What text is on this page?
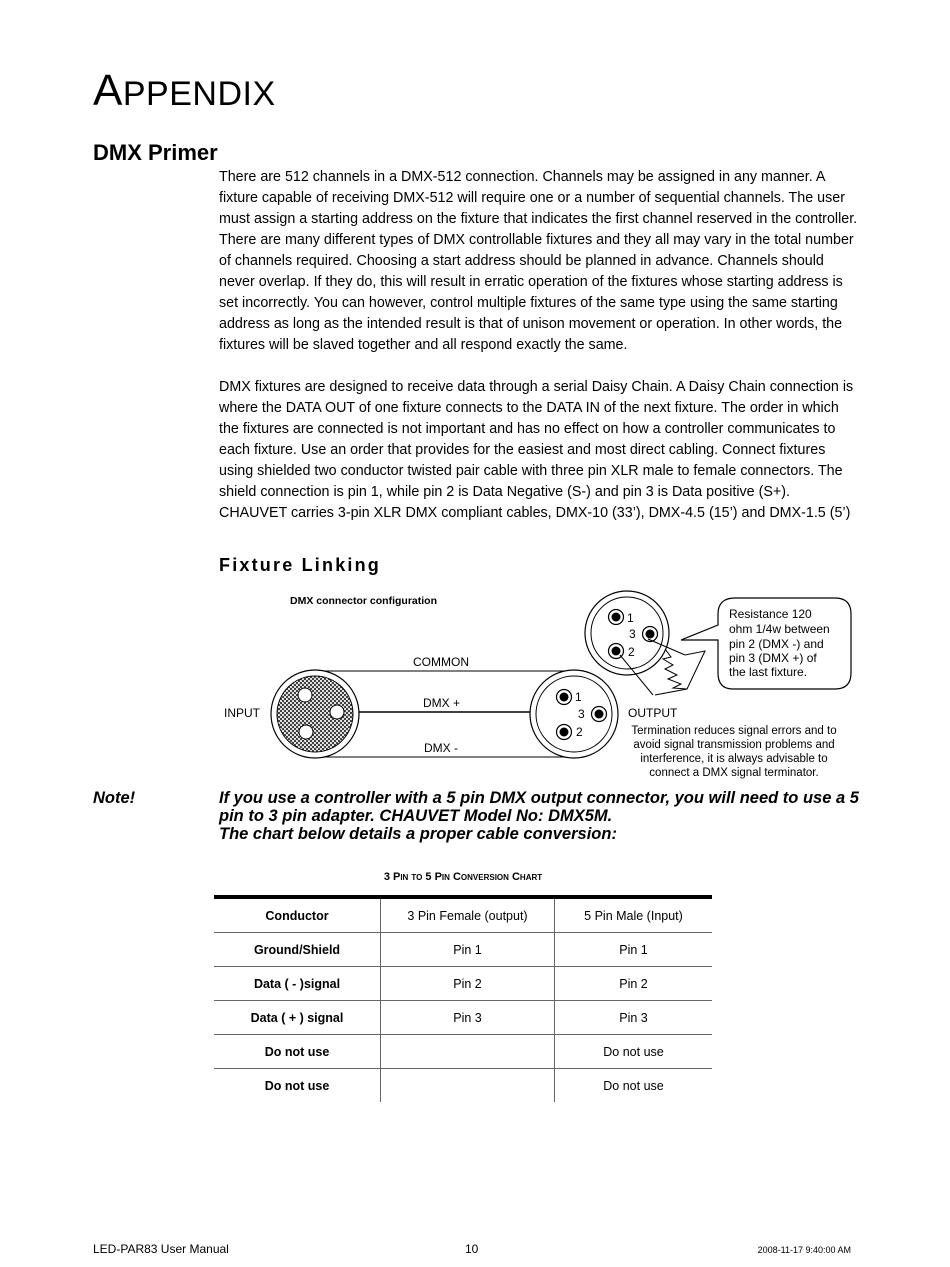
APPENDIX
DMX Primer
There are 512 channels in a DMX-512 connection. Channels may be assigned in any manner. A fixture capable of receiving DMX-512 will require one or a number of sequential channels. The user must assign a starting address on the fixture that indicates the first channel reserved in the controller. There are many different types of DMX controllable fixtures and they all may vary in the total number of channels required. Choosing a start address should be planned in advance. Channels should never overlap. If they do, this will result in erratic operation of the fixtures whose starting address is set incorrectly. You can however, control multiple fixtures of the same type using the same starting address as long as the intended result is that of unison movement or operation. In other words, the fixtures will be slaved together and all respond exactly the same.
DMX fixtures are designed to receive data through a serial Daisy Chain. A Daisy Chain connection is where the DATA OUT of one fixture connects to the DATA IN of the next fixture. The order in which the fixtures are connected is not important and has no effect on how a controller communicates to each fixture. Use an order that provides for the easiest and most direct cabling. Connect fixtures using shielded two conductor twisted pair cable with three pin XLR male to female connectors. The shield connection is pin 1, while pin 2 is Data Negative (S-) and pin 3 is Data positive (S+). CHAUVET carries 3-pin XLR DMX compliant cables, DMX-10 (33’), DMX-4.5 (15’) and DMX-1.5 (5’)
Fixture Linking
DMX connector configuration
COMMON
DMX +
DMX -
INPUT	OUTPUT
1
3
2
1
3
2
Resistance 120
ohm 1/4w between
pin 2 (DMX -) and
pin 3 (DMX +) of
the last fixture.
Termination reduces signal errors and to
avoid signal transmission problems and
interference, it is always advisable to
connect a DMX signal terminator.
Note!	If you use a controller with a 5 pin DMX output connector, you will need to use a 5
pin to 3 pin adapter. CHAUVET Model No: DMX5M.
The chart below details a proper cable conversion:
3 Pin to 5 Pin Conversion Chart
Conductor	3 Pin Female (output)	5 Pin Male (Input)
Ground/Shield	Pin 1	Pin 1
Data ( - )signal	Pin 2	Pin 2
Data ( + ) signal	Pin 3	Pin 3
Do not use		Do not use
Do not use		Do not use
LED-PAR83 User Manual	10	2008-11-17 9:40:00 AM
